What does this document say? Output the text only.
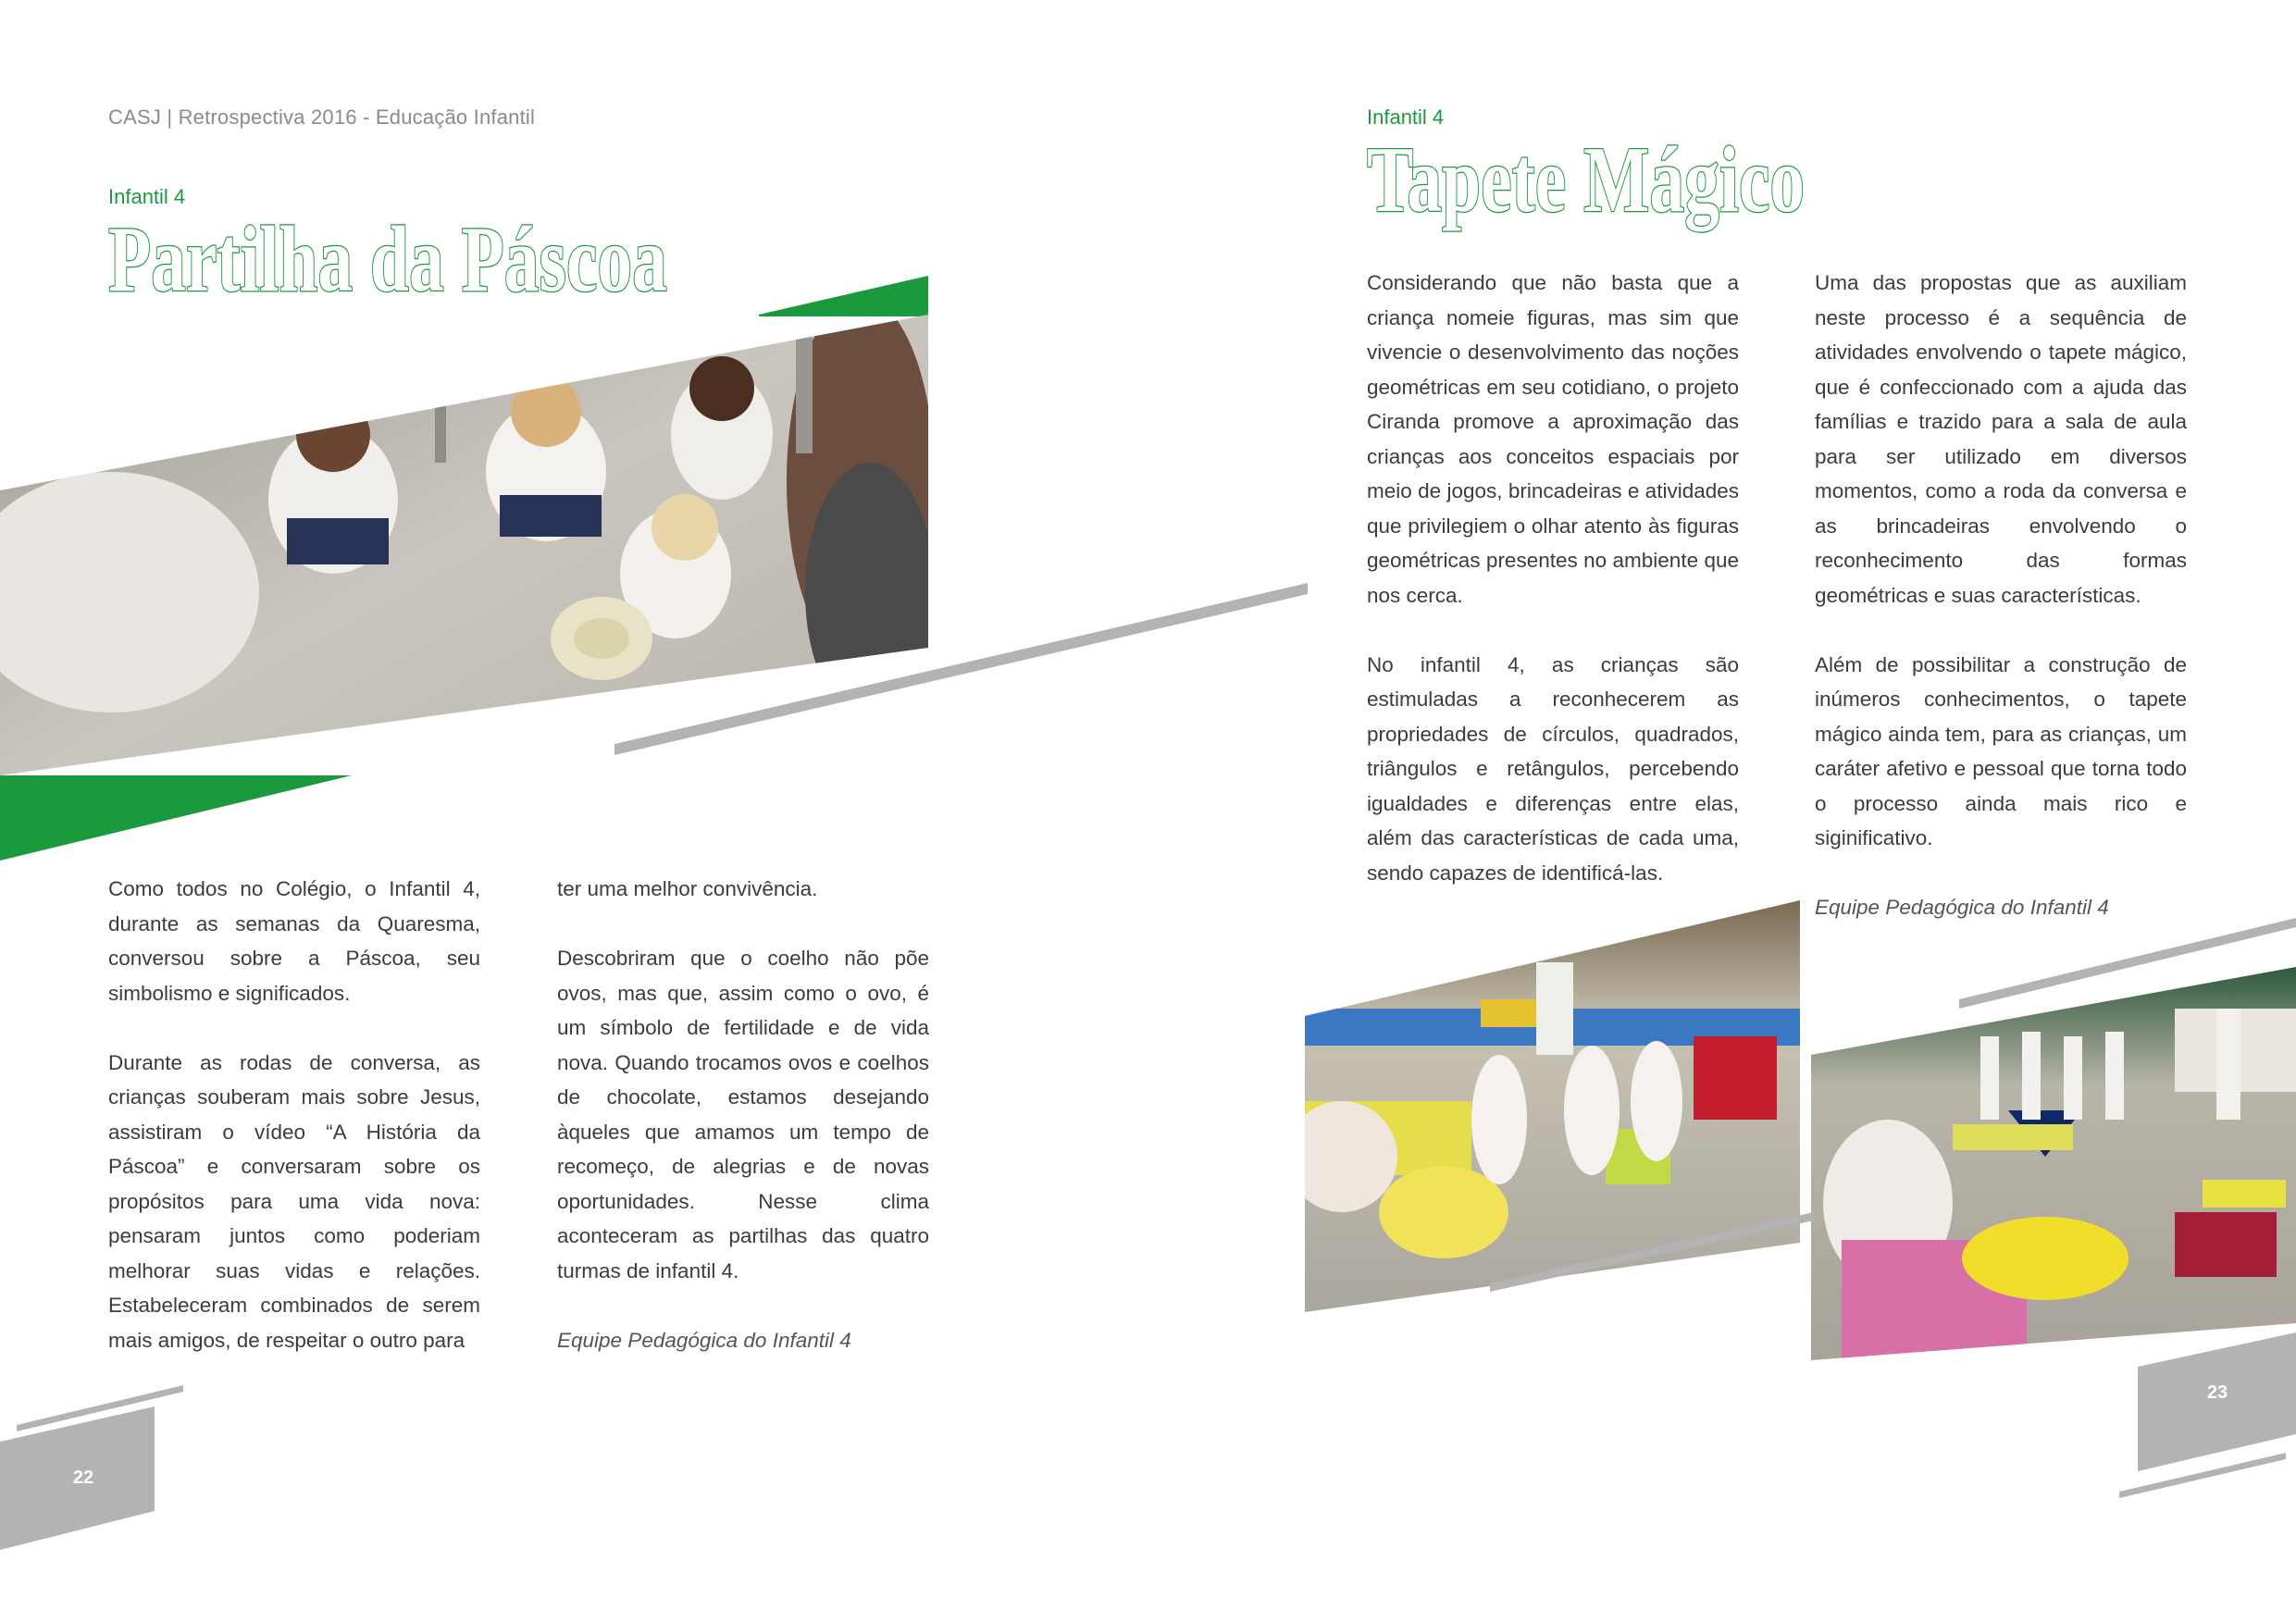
CASJ | Retrospectiva 2016 - Educação Infantil
Infantil 4
Partilha da Páscoa

Como todos no Colégio, o Infantil 4, durante as semanas da Quaresma, conversou sobre a Páscoa, seu simbolismo e significados.

Durante as rodas de conversa, as crianças souberam mais sobre Jesus, assistiram o vídeo “A História da Páscoa” e conversaram sobre os propósitos para uma vida nova: pensaram juntos como poderiam melhorar suas vidas e relações. Estabeleceram combinados de serem mais amigos, de respeitar o outro para

ter uma melhor convivência.

Descobriram que o coelho não põe ovos, mas que, assim como o ovo, é um símbolo de fertilidade e de vida nova. Quando trocamos ovos e coelhos de chocolate, estamos desejando àqueles que amamos um tempo de recomeço, de alegrias e de novas oportunidades. Nesse clima aconteceram as partilhas das quatro turmas de infantil 4.

Equipe Pedagógica do Infantil 4

22
Infantil 4
Tapete Mágico

Considerando que não basta que a criança nomeie figuras, mas sim que vivencie o desenvolvimento das noções geométricas em seu cotidiano, o projeto Ciranda promove a aproximação das crianças aos conceitos espaciais por meio de jogos, brincadeiras e atividades que privilegiem o olhar atento às figuras geométricas presentes no ambiente que nos cerca.

No infantil 4, as crianças são estimuladas a reconhecerem as propriedades de círculos, quadrados, triângulos e retângulos, percebendo igualdades e diferenças entre elas, além das características de cada uma, sendo capazes de identificá-las.

Uma das propostas que as auxiliam neste processo é a sequência de atividades envolvendo o tapete mágico, que é confeccionado com a ajuda das famílias e trazido para a sala de aula para ser utilizado em diversos momentos, como a roda da conversa e as brincadeiras envolvendo o reconhecimento das formas geométricas e suas características.

Além de possibilitar a construção de inúmeros conhecimentos, o tapete mágico ainda tem, para as crianças, um caráter afetivo e pessoal que torna todo o processo ainda mais rico e siginificativo.

Equipe Pedagógica do Infantil 4

23
